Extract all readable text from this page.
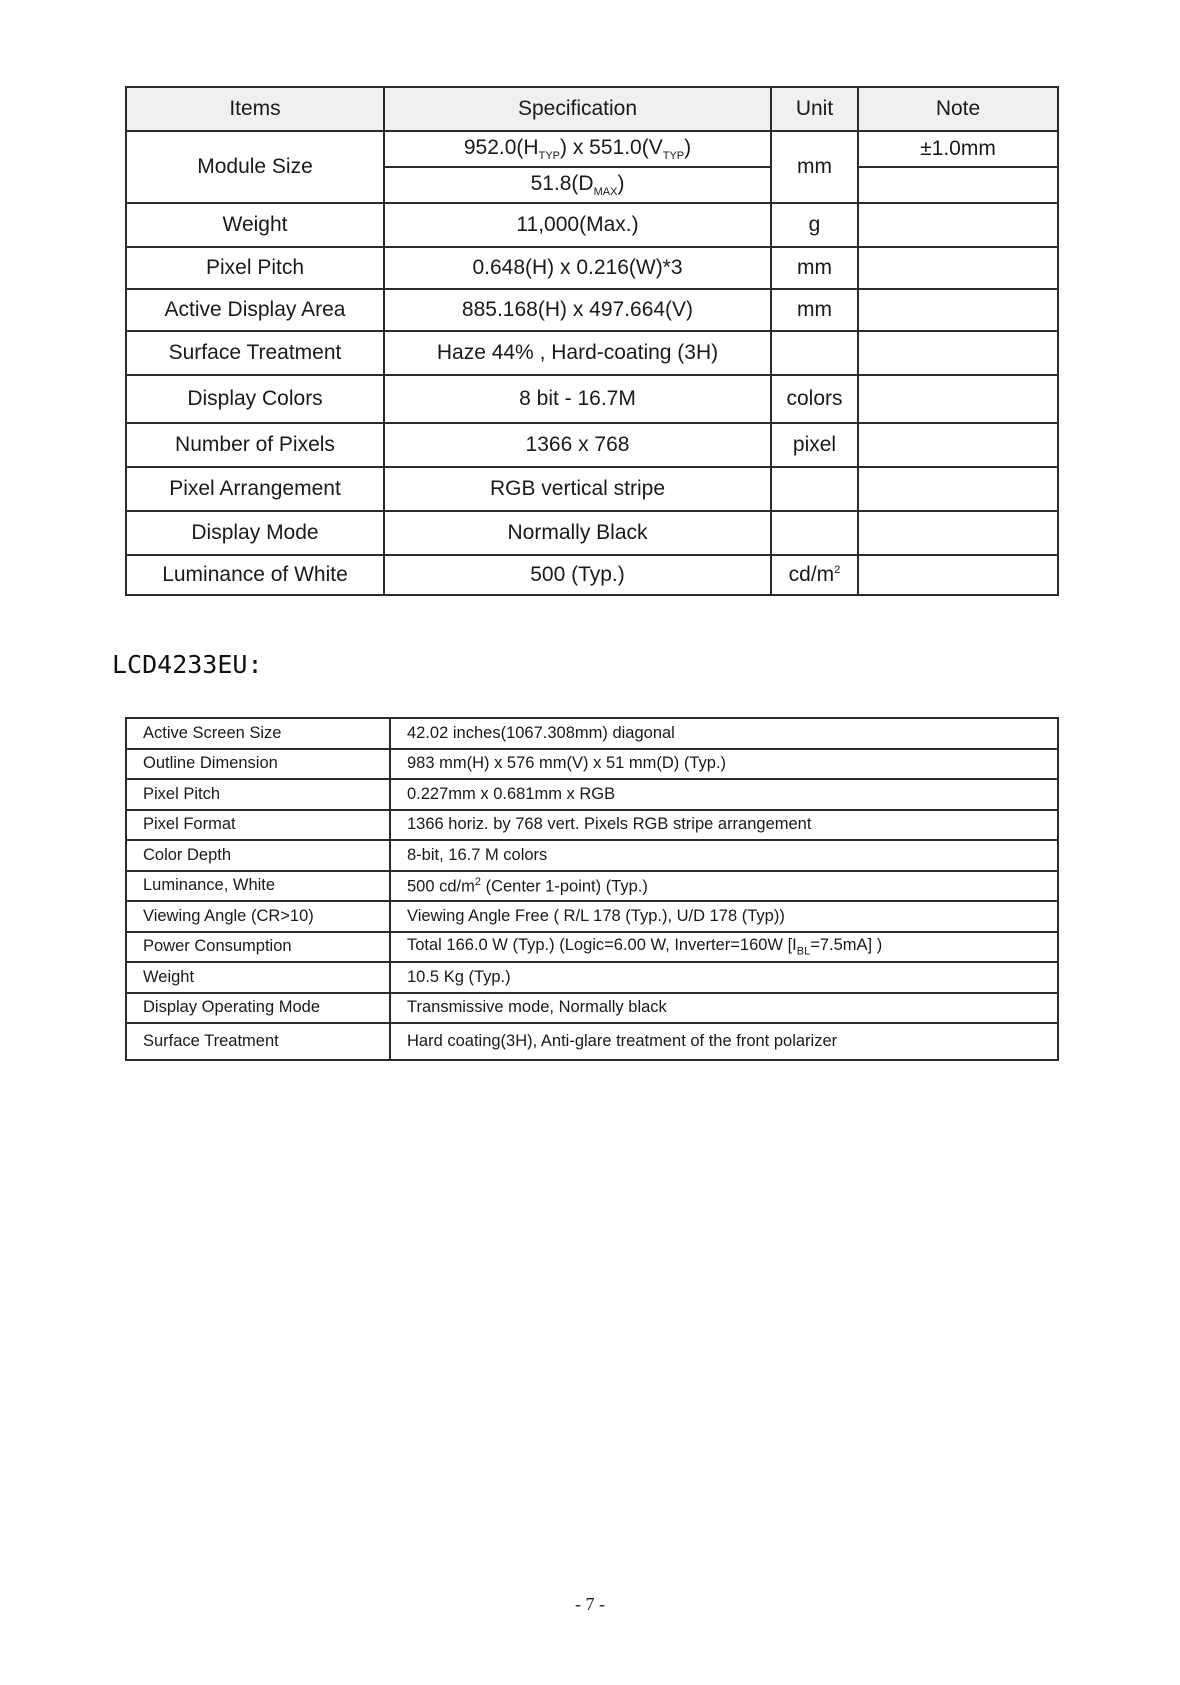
Items	Specification	Unit	Note
Module Size	$952.0(H_{TYP})$ x $551.0(V_{TYP})$	mm	±1.0mm
	$51.8(D_{MAX})$		
Weight	11,000(Max.)	g	
Pixel Pitch	0.648(H) x 0.216(W)*3	mm	
Active Display Area	885.168(H) x 497.664(V)	mm	
Surface Treatment	Haze 44% , Hard-coating (3H)		
Display Colors	8 bit - 16.7M	colors	
Number of Pixels	1366 x 768	pixel	
Pixel Arrangement	RGB vertical stripe		
Display Mode	Normally Black		
Luminance of White	500 (Typ.)	$cd/m^2$	
LCD4233EU:
Active Screen Size	42.02 inches(1067.308mm) diagonal
Outline Dimension	983 mm(H) x 576 mm(V) x 51 mm(D) (Typ.)
Pixel Pitch	0.227mm x 0.681mm x RGB
Pixel Format	1366 horiz. by 768 vert. Pixels RGB stripe arrangement
Color Depth	8-bit, 16.7 M colors
Luminance, White	500 $cd/m^2$ (Center 1-point) (Typ.)
Viewing Angle (CR>10)	Viewing Angle Free ( R/L 178 (Typ.), U/D 178 (Typ))
Power Consumption	Total 166.0 W (Typ.) (Logic=6.00 W, Inverter=160W $[I_{BL}=7.5mA]$ )
Weight	10.5 Kg (Typ.)
Display Operating Mode	Transmissive mode, Normally black
Surface Treatment	Hard coating(3H), Anti-glare treatment of the front polarizer
- 7 -
